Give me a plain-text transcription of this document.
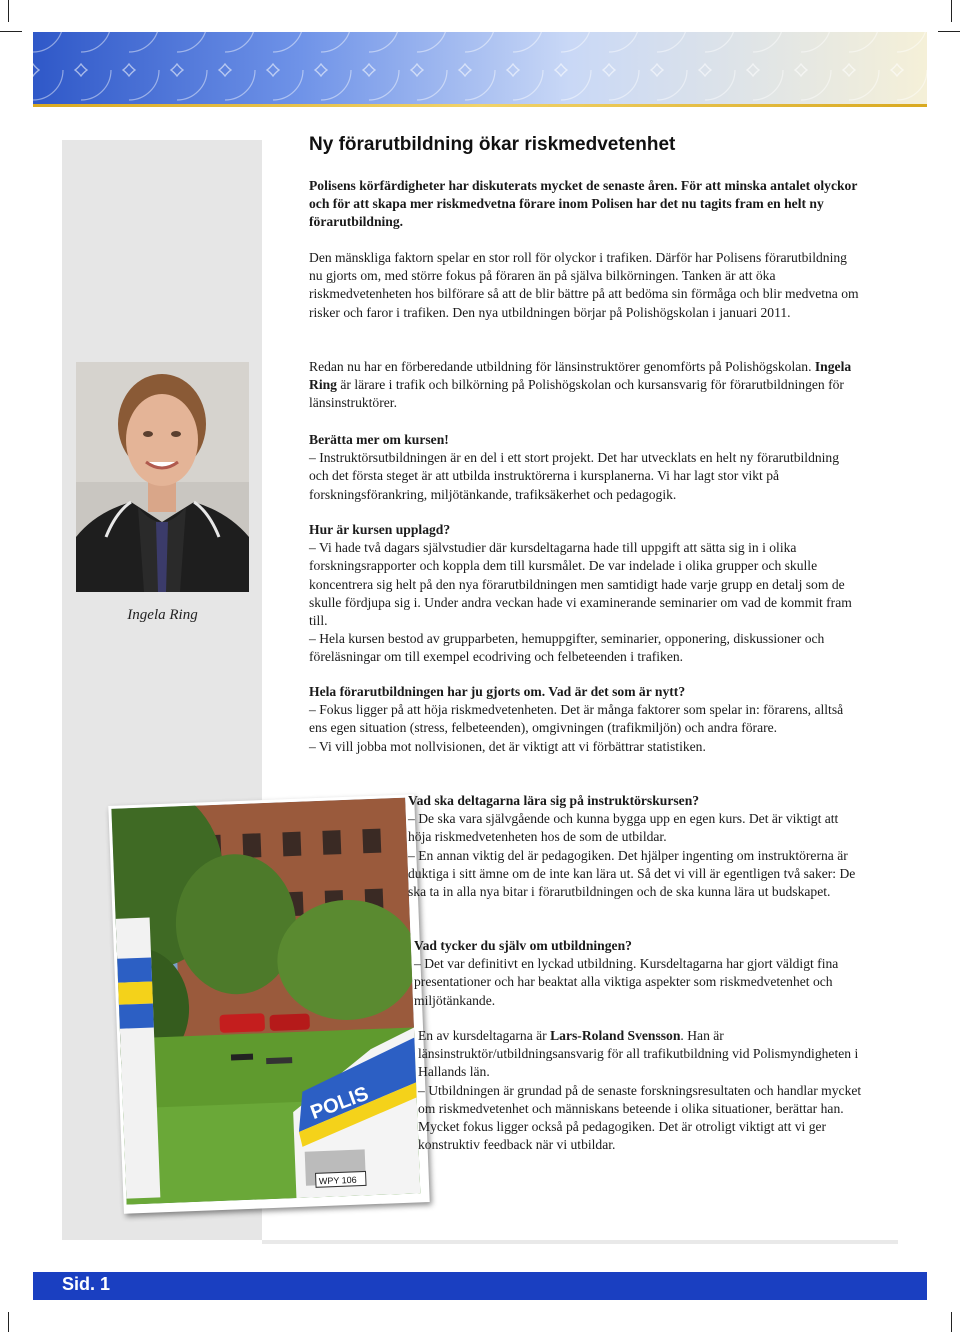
Ingela Ring
Ny förarutbildning ökar riskmedvetenhet

Polisens körfärdigheter har diskuterats mycket de senaste åren. För att minska antalet olyckor och för att skapa mer riskmedvetna förare inom Polisen har det nu tagits fram en helt ny förarutbildning.

Den mänskliga faktorn spelar en stor roll för olyckor i trafiken. Därför har Polisens förarutbildning nu gjorts om, med större fokus på föraren än på själva bilkörningen. Tanken är att öka riskmedvetenheten hos bilförare så att de blir bättre på att bedöma sin förmåga och blir medvetna om risker och faror i trafiken. Den nya utbildningen börjar på Polishögskolan i januari 2011.

Redan nu har en förberedande utbildning för länsinstruktörer genomförts på Polishögskolan. Ingela Ring är lärare i trafik och bilkörning på Polishögskolan och kursansvarig för förarutbildningen för länsinstruktörer.

Berätta mer om kursen!

– Instruktörsutbildningen är en del i ett stort projekt. Det har utvecklats en helt ny förarutbildning och det första steget är att utbilda instruktörerna i kursplanerna. Vi har lagt stor vikt på forskningsförankring, miljötänkande, trafiksäkerhet och pedagogik.

Hur är kursen upplagd?

– Vi hade två dagars självstudier där kursdeltagarna hade till uppgift att sätta sig in i olika forskningsrapporter och koppla dem till kursmålet. De var indelade i olika grupper och skulle koncentrera sig helt på den nya förarutbildningen men samtidigt hade varje grupp en detalj som de skulle fördjupa sig i. Under andra veckan hade vi examinerande seminarier om vad de kommit fram till.

– Hela kursen bestod av grupparbeten, hemuppgifter, seminarier, opponering, diskussioner och föreläsningar om till exempel ecodriving och felbeteenden i trafiken.

Hela förarutbildningen har ju gjorts om. Vad är det som är nytt?

– Fokus ligger på att höja riskmedvetenheten. Det är många faktorer som spelar in: förarens, alltså ens egen situation (stress, felbeteenden), omgivningen (trafikmiljön) och andra förare.

– Vi vill jobba mot nollvisionen, det är viktigt att vi förbättrar statistiken.

POLIS
WPY 106

Vad ska deltagarna lära sig på instruktörskursen?

– De ska vara självgående och kunna bygga upp en egen kurs. Det är viktigt att höja riskmedvetenheten hos de som de utbildar.

– En annan viktig del är pedagogiken. Det hjälper ingenting om instruktörerna är duktiga i sitt ämne om de inte kan lära ut. Så det vi vill är egentligen två saker: De ska ta in alla nya bitar i förarutbildningen och de ska kunna lära ut budskapet.

Vad tycker du själv om utbildningen?

– Det var definitivt en lyckad utbildning. Kursdeltagarna har gjort väldigt fina presentationer och har beaktat alla viktiga aspekter som riskmedvetenhet och miljötänkande.

En av kursdeltagarna är Lars-Roland Svensson. Han är länsinstruktör/utbildningsansvarig för all trafikutbildning vid Polismyndigheten i Hallands län.

– Utbildningen är grundad på de senaste forskningsresultaten och handlar mycket om riskmedvetenhet och människans beteende i olika situationer, berättar han. Mycket fokus ligger också på pedagogiken. Det är otroligt viktigt att vi ger konstruktiv feedback när vi utbildar.

Sid. 1
